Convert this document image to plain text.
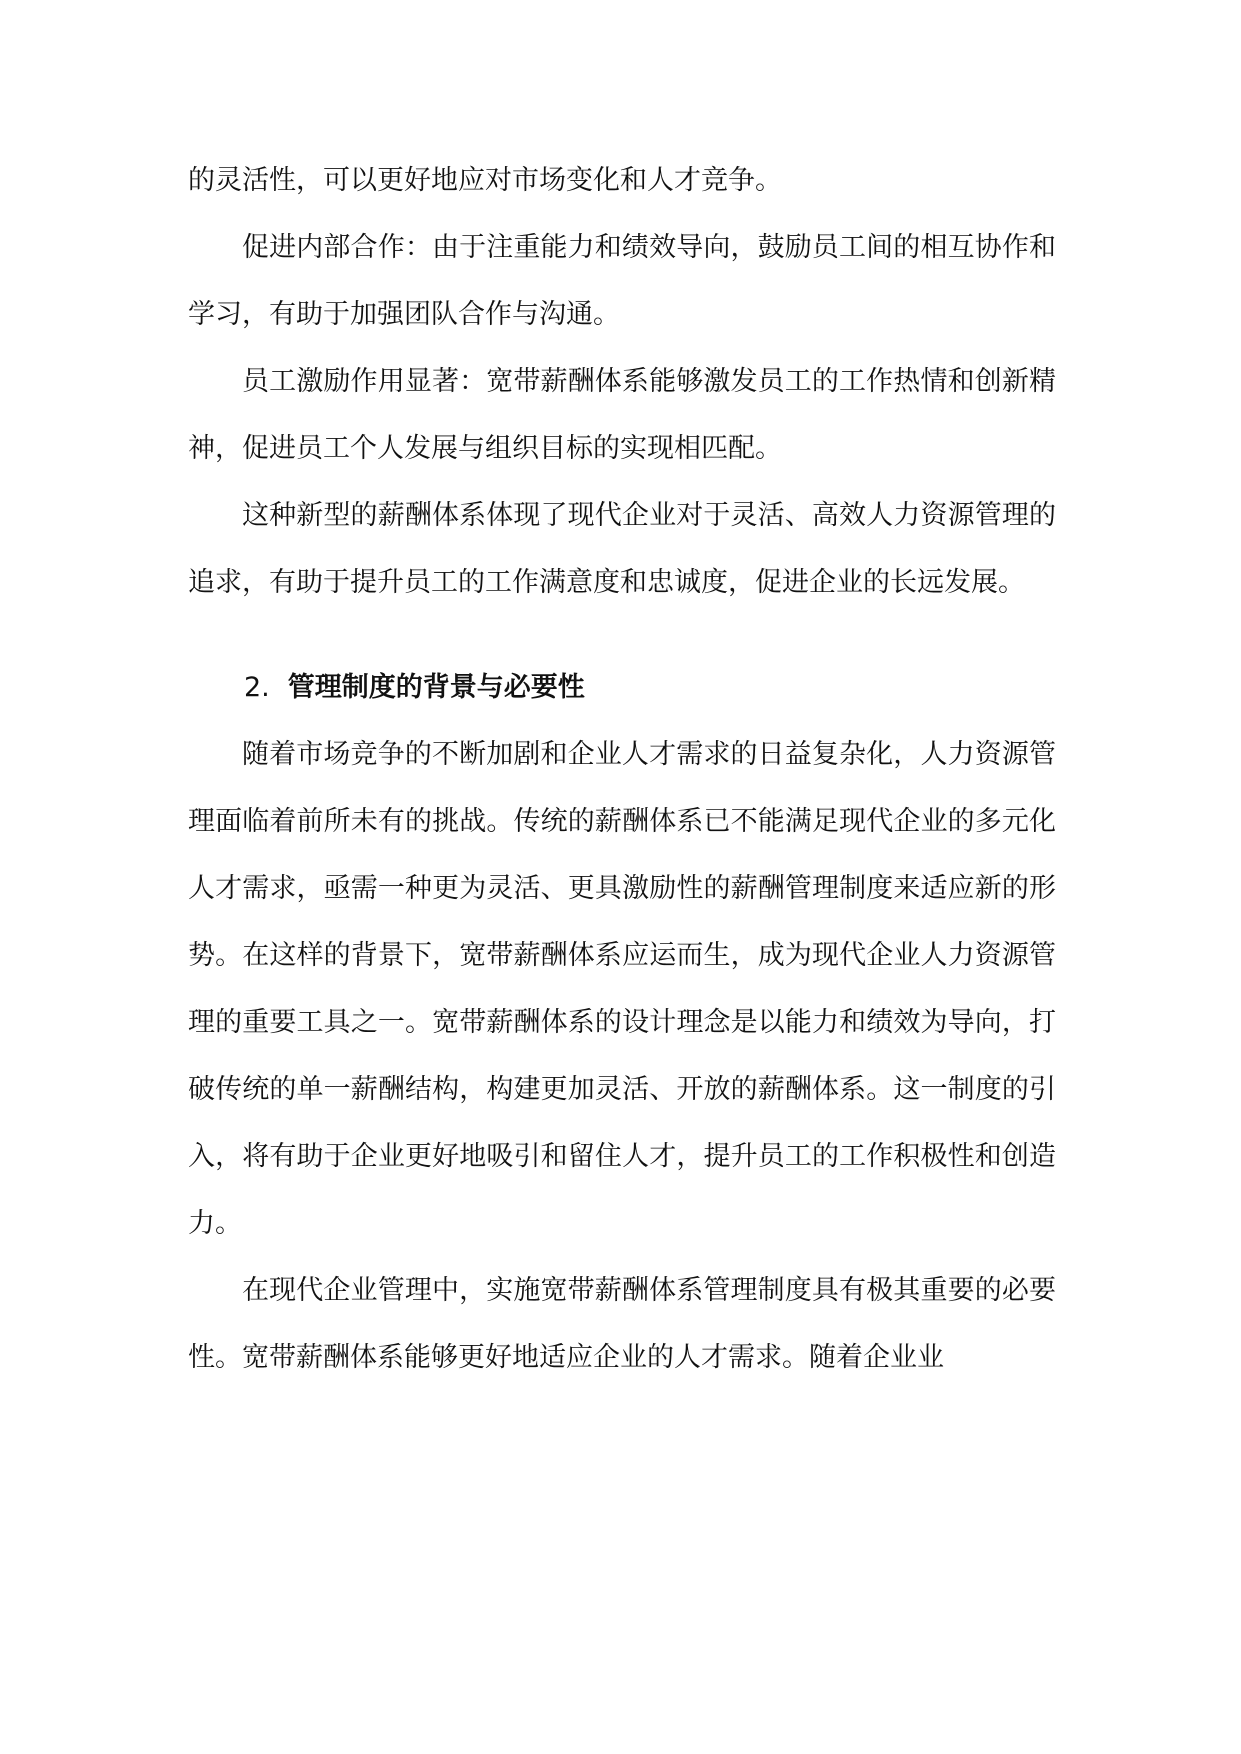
的灵活性，可以更好地应对市场变化和人才竞争。

促进内部合作：由于注重能力和绩效导向，鼓励员工间的相互协作和学习，有助于加强团队合作与沟通。

员工激励作用显著：宽带薪酬体系能够激发员工的工作热情和创新精神，促进员工个人发展与组织目标的实现相匹配。

这种新型的薪酬体系体现了现代企业对于灵活、高效人力资源管理的追求，有助于提升员工的工作满意度和忠诚度，促进企业的长远发展。

2. 管理制度的背景与必要性

随着市场竞争的不断加剧和企业人才需求的日益复杂化，人力资源管理面临着前所未有的挑战。传统的薪酬体系已不能满足现代企业的多元化人才需求，亟需一种更为灵活、更具激励性的薪酬管理制度来适应新的形势。在这样的背景下，宽带薪酬体系应运而生，成为现代企业人力资源管理的重要工具之一。宽带薪酬体系的设计理念是以能力和绩效为导向，打破传统的单一薪酬结构，构建更加灵活、开放的薪酬体系。这一制度的引入，将有助于企业更好地吸引和留住人才，提升员工的工作积极性和创造力。

在现代企业管理中，实施宽带薪酬体系管理制度具有极其重要的必要性。宽带薪酬体系能够更好地适应企业的人才需求。随着企业业
